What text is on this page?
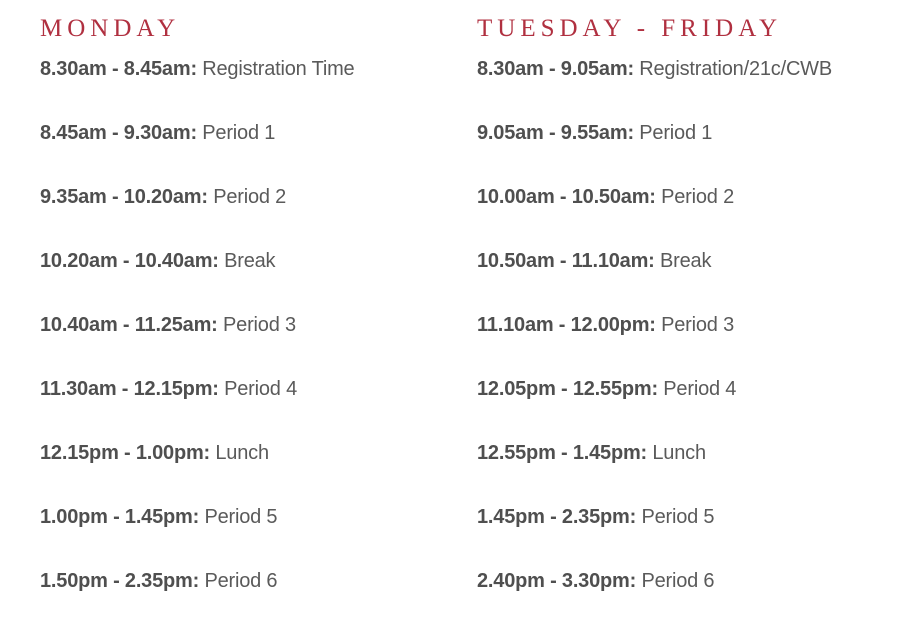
MONDAY
8.30am - 8.45am: Registration Time
8.45am - 9.30am: Period 1
9.35am - 10.20am: Period 2
10.20am - 10.40am: Break
10.40am - 11.25am: Period 3
11.30am - 12.15pm: Period 4
12.15pm - 1.00pm: Lunch
1.00pm - 1.45pm: Period 5
1.50pm - 2.35pm: Period 6
TUESDAY - FRIDAY
8.30am - 9.05am: Registration/21c/CWB
9.05am - 9.55am: Period 1
10.00am - 10.50am: Period 2
10.50am - 11.10am: Break
11.10am - 12.00pm: Period 3
12.05pm - 12.55pm: Period 4
12.55pm - 1.45pm: Lunch
1.45pm - 2.35pm: Period 5
2.40pm - 3.30pm: Period 6
